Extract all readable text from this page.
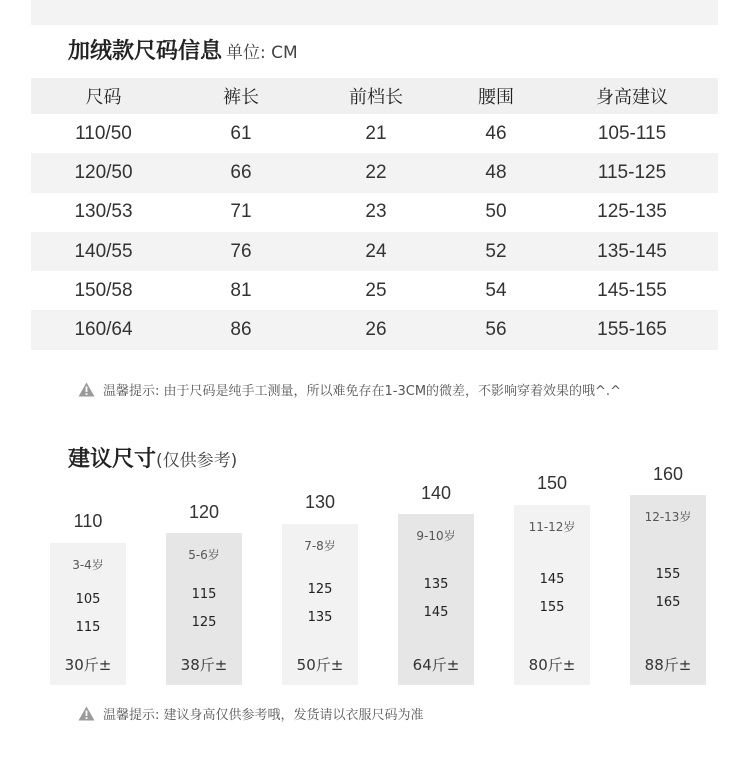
加绒款尺码信息 单位: CM
尺码	裤长	前档长	腰围	身高建议
110/50	61	21	46	105-115
120/50	66	22	48	115-125
130/53	71	23	50	125-135
140/55	76	24	52	135-145
150/58	81	25	54	145-155
160/64	86	26	56	155-165
温馨提示: 由于尺码是纯手工测量，所以难免存在1-3CM的微差，不影响穿着效果的哦^.^
建议尺寸(仅供参考)
110
3-4岁
105
115
30斤±
120
5-6岁
115
125
38斤±
130
7-8岁
125
135
50斤±
140
9-10岁
135
145
64斤±
150
11-12岁
145
155
80斤±
160
12-13岁
155
165
88斤±
温馨提示: 建议身高仅供参考哦，发货请以衣服尺码为准
